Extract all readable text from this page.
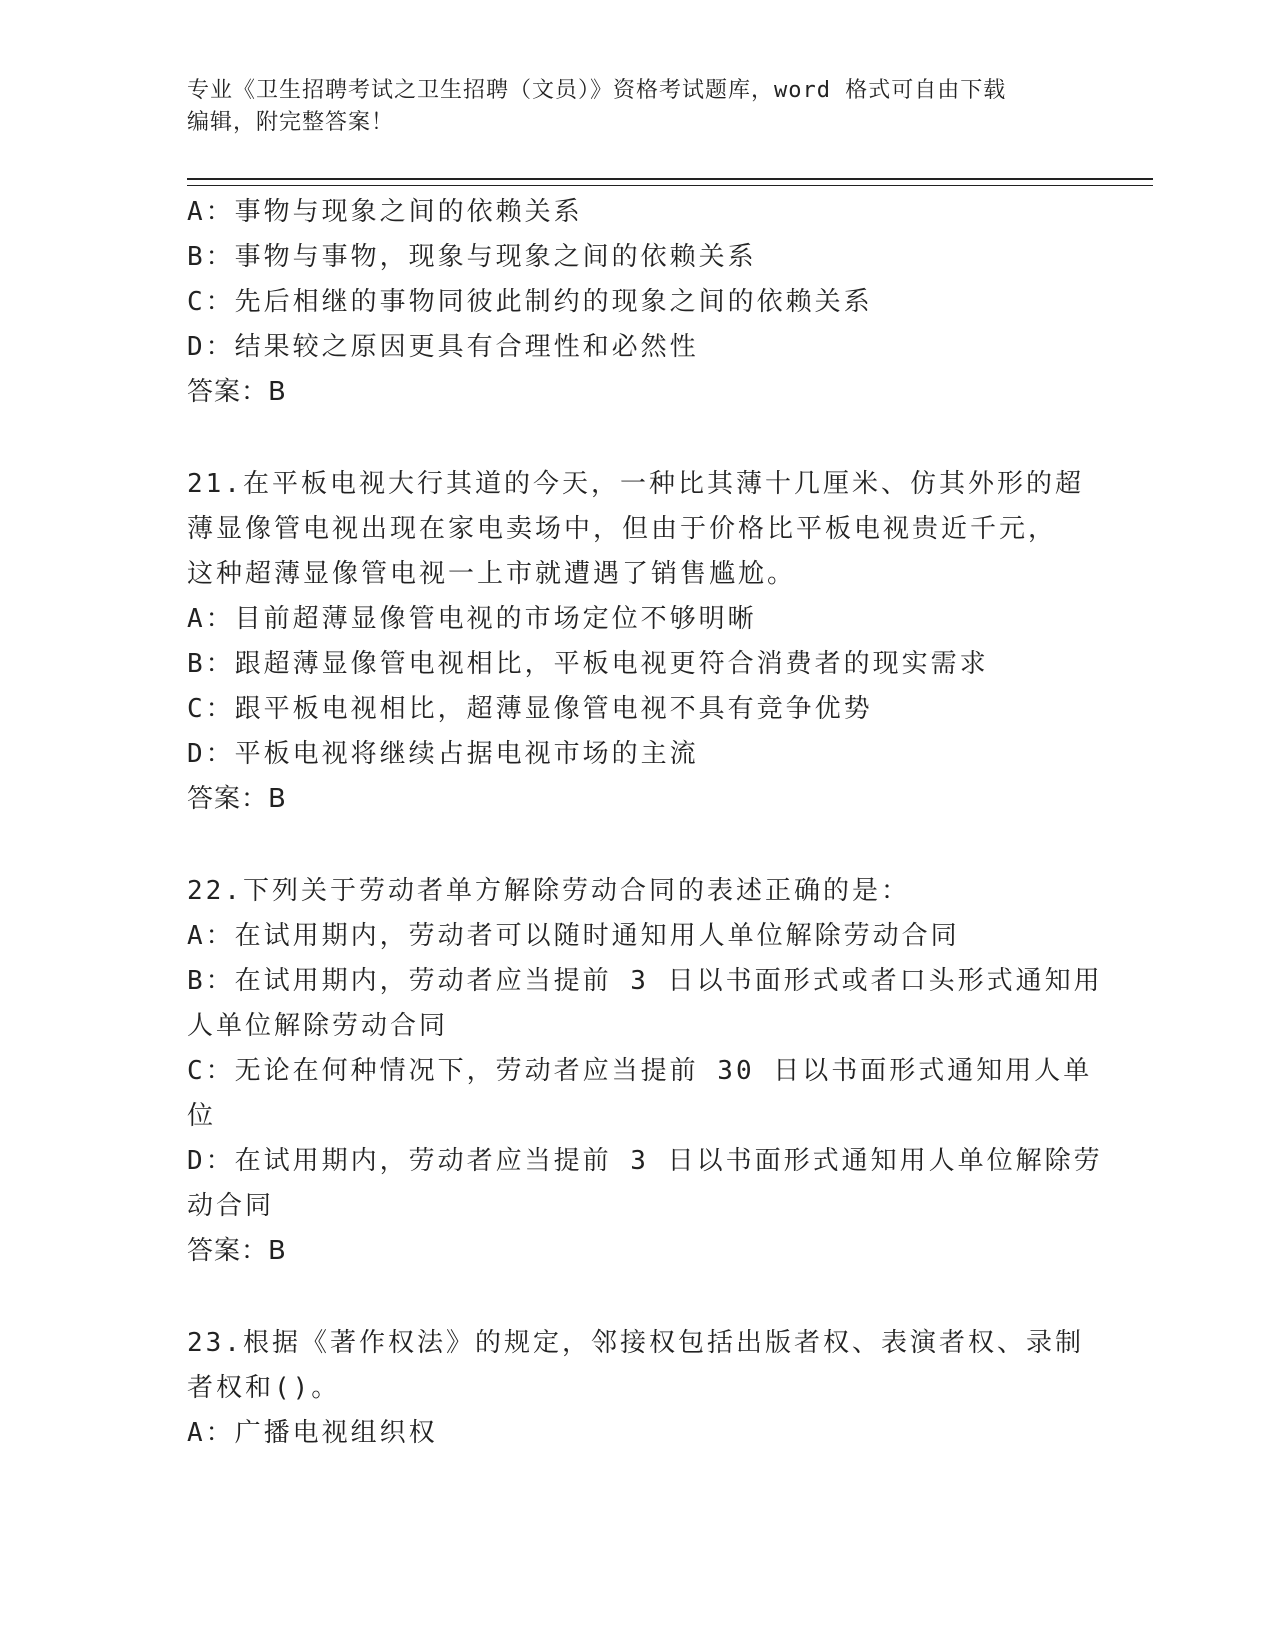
专业《卫生招聘考试之卫生招聘（文员）》资格考试题库，word 格式可自由下载
编辑，附完整答案！
A：事物与现象之间的依赖关系
B：事物与事物，现象与现象之间的依赖关系
C：先后相继的事物同彼此制约的现象之间的依赖关系
D：结果较之原因更具有合理性和必然性
答案：B
21.在平板电视大行其道的今天，一种比其薄十几厘米、仿其外形的超
薄显像管电视出现在家电卖场中，但由于价格比平板电视贵近千元，
这种超薄显像管电视一上市就遭遇了销售尴尬。
A：目前超薄显像管电视的市场定位不够明晰
B：跟超薄显像管电视相比，平板电视更符合消费者的现实需求
C：跟平板电视相比，超薄显像管电视不具有竞争优势
D：平板电视将继续占据电视市场的主流
答案：B
22.下列关于劳动者单方解除劳动合同的表述正确的是：
A：在试用期内，劳动者可以随时通知用人单位解除劳动合同
B：在试用期内，劳动者应当提前 3 日以书面形式或者口头形式通知用
人单位解除劳动合同
C：无论在何种情况下，劳动者应当提前 30 日以书面形式通知用人单
位
D：在试用期内，劳动者应当提前 3 日以书面形式通知用人单位解除劳
动合同
答案：B
23.根据《著作权法》的规定，邻接权包括出版者权、表演者权、录制
者权和()。
A：广播电视组织权
